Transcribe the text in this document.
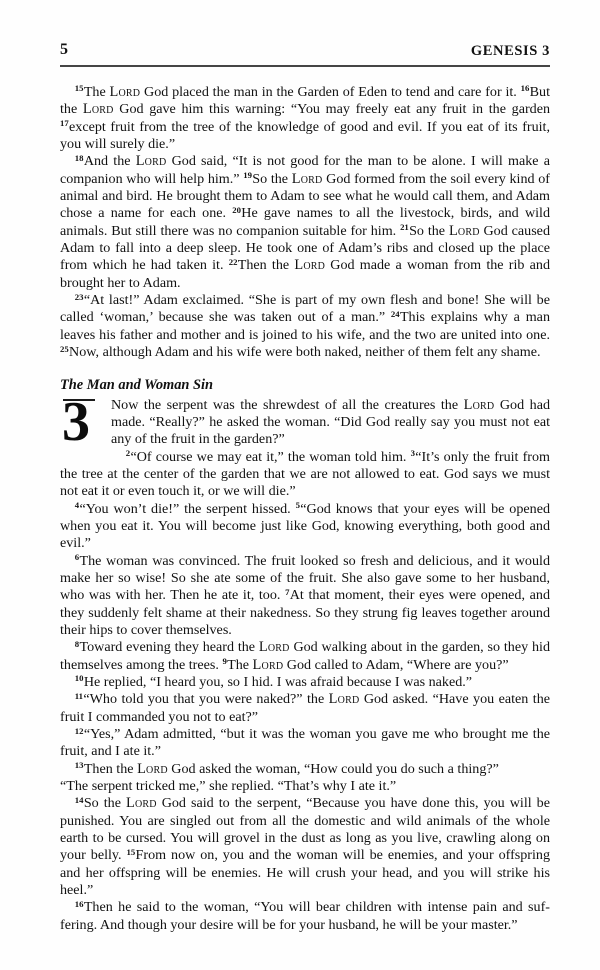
5	GENESIS 3

$^{15}$The Lord God placed the man in the Garden of Eden to tend and care for it. $^{16}$But the Lord God gave him this warning: “You may freely eat any fruit in the garden $^{17}$except fruit from the tree of the knowledge of good and evil. If you eat of its fruit, you will surely die.”

$^{18}$And the Lord God said, “It is not good for the man to be alone. I will make a companion who will help him.” $^{19}$So the Lord God formed from the soil every kind of animal and bird. He brought them to Adam to see what he would call them, and Adam chose a name for each one. $^{20}$He gave names to all the livestock, birds, and wild animals. But still there was no companion suitable for him. $^{21}$So the Lord God caused Adam to fall into a deep sleep. He took one of Adam’s ribs and closed up the place from which he had taken it. $^{22}$Then the Lord God made a woman from the rib and brought her to Adam.

$^{23}$“At last!” Adam exclaimed. “She is part of my own flesh and bone! She will be called ‘woman,’ because she was taken out of a man.” $^{24}$This explains why a man leaves his father and mother and is joined to his wife, and the two are united into one. $^{25}$Now, although Adam and his wife were both naked, neither of them felt any shame.

The Man and Woman Sin

3	Now the serpent was the shrewdest of all the creatures the Lord God had made. “Really?” he asked the woman. “Did God really say you must not eat any of the fruit in the garden?”

$^2$“Of course we may eat it,” the woman told him. $^3$“It’s only the fruit from the tree at the center of the garden that we are not allowed to eat. God says we must not eat it or even touch it, or we will die.”

$^4$“You won’t die!” the serpent hissed. $^5$“God knows that your eyes will be opened when you eat it. You will become just like God, knowing everything, both good and evil.”

$^6$The woman was convinced. The fruit looked so fresh and delicious, and it would make her so wise! So she ate some of the fruit. She also gave some to her husband, who was with her. Then he ate it, too. $^7$At that moment, their eyes were opened, and they suddenly felt shame at their nakedness. So they strung fig leaves together around their hips to cover themselves.

$^8$Toward evening they heard the Lord God walking about in the garden, so they hid themselves among the trees. $^9$The Lord God called to Adam, “Where are you?”

$^{10}$He replied, “I heard you, so I hid. I was afraid because I was naked.”

$^{11}$“Who told you that you were naked?” the Lord God asked. “Have you eaten the fruit I commanded you not to eat?”

$^{12}$“Yes,” Adam admitted, “but it was the woman you gave me who brought me the fruit, and I ate it.”

$^{13}$Then the Lord God asked the woman, “How could you do such a thing?”

“The serpent tricked me,” she replied. “That’s why I ate it.”

$^{14}$So the Lord God said to the serpent, “Because you have done this, you will be punished. You are singled out from all the domestic and wild animals of the whole earth to be cursed. You will grovel in the dust as long as you live, crawling along on your belly. $^{15}$From now on, you and the woman will be enemies, and your offspring and her offspring will be enemies. He will crush your head, and you will strike his heel.”

$^{16}$Then he said to the woman, “You will bear children with intense pain and suffering. And though your desire will be for your husband, he will be your master.”
